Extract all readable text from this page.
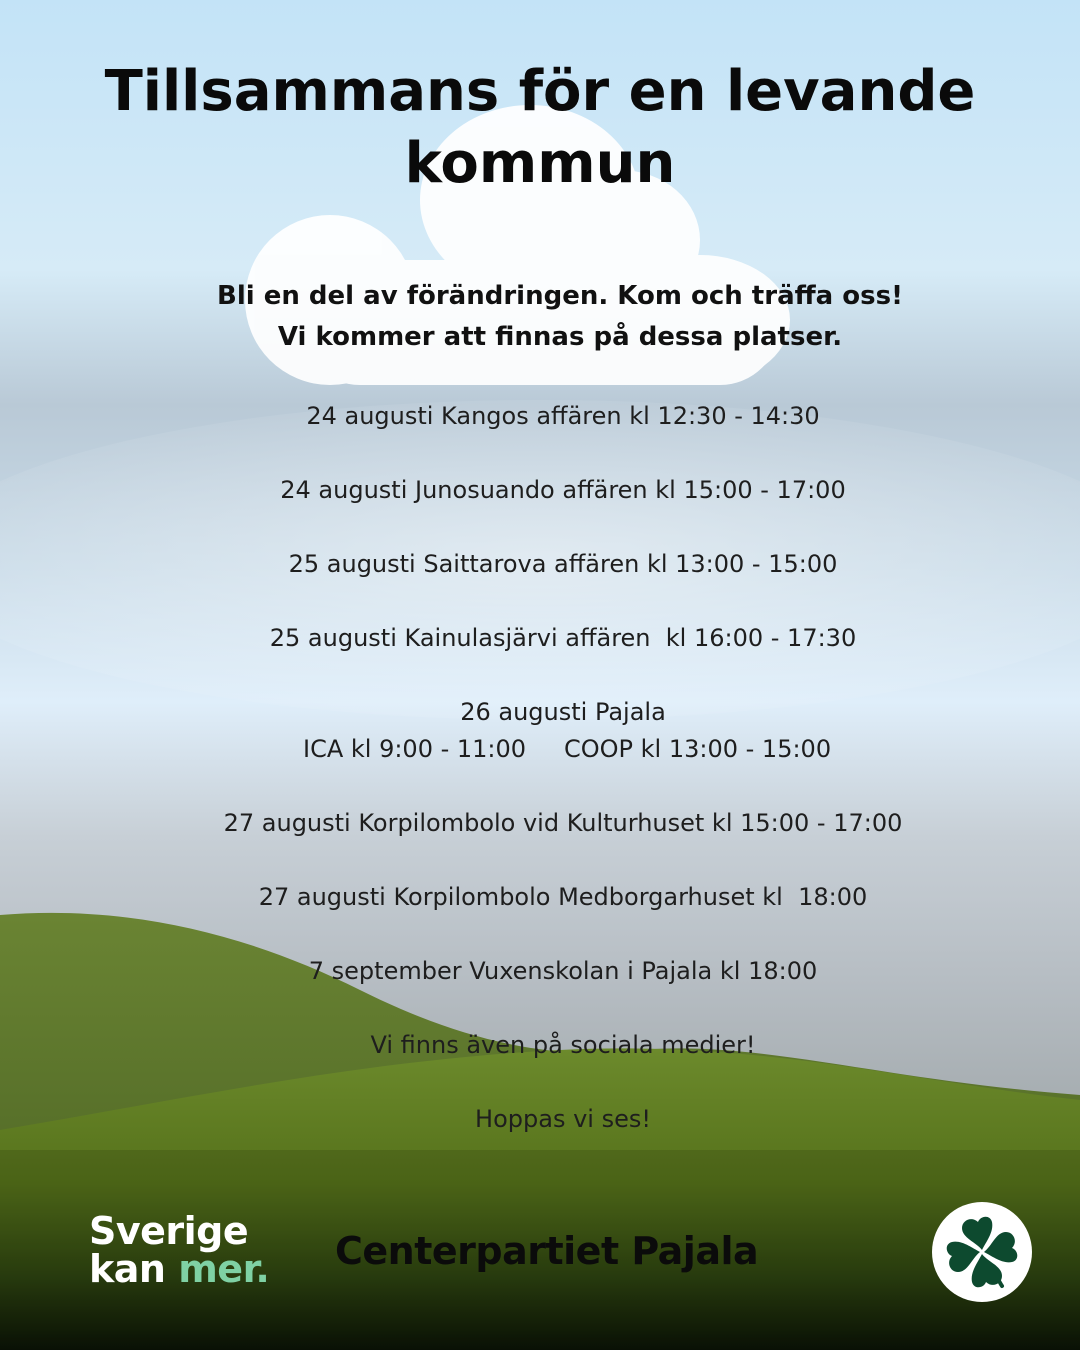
Tillsammans för en levande
kommun
Bli en del av förändringen. Kom och träffa oss!
Vi kommer att finnas på dessa platser.
24 augusti Kangos affären kl 12:30 - 14:30
24 augusti Junosuando affären kl 15:00 - 17:00
25 augusti Saittarova affären kl 13:00 - 15:00
25 augusti Kainulasjärvi affären  kl 16:00 - 17:30
26 augusti Pajala
ICA kl 9:00 - 11:00 COOP kl 13:00 - 15:00
27 augusti Korpilombolo vid Kulturhuset kl 15:00 - 17:00
27 augusti Korpilombolo Medborgarhuset kl  18:00
7 september Vuxenskolan i Pajala kl 18:00
Vi finns även på sociala medier!
Hoppas vi ses!
Sverige
kan mer. Centerpartiet Pajala
